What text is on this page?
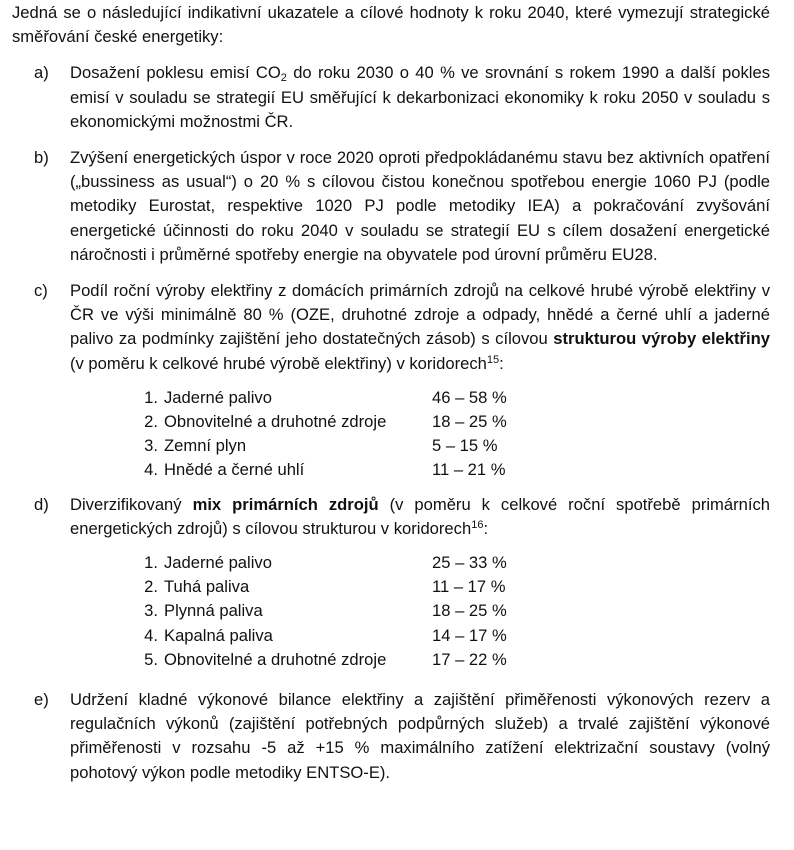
Jedná se o následující indikativní ukazatele a cílové hodnoty k roku 2040, které vymezují strategické směřování české energetiky:

a) Dosažení poklesu emisí $CO_2$ do roku 2030 o 40 % ve srovnání s rokem 1990 a další pokles emisí v souladu se strategií EU směřující k dekarbonizaci ekonomiky k roku 2050 v souladu s ekonomickými možnostmi ČR.

b) Zvýšení energetických úspor v roce 2020 oproti předpokládanému stavu bez aktivních opatření („bussiness as usual“) o 20 % s cílovou čistou konečnou spotřebou energie 1060 PJ (podle metodiky Eurostat, respektive 1020 PJ podle metodiky IEA) a pokračování zvyšování energetické účinnosti do roku 2040 v souladu se strategií EU s cílem dosažení energetické náročnosti i průměrné spotřeby energie na obyvatele pod úrovní průměru EU28.

c) Podíl roční výroby elektřiny z domácích primárních zdrojů na celkové hrubé výrobě elektřiny v ČR ve výši minimálně 80 % (OZE, druhotné zdroje a odpady, hnědé a černé uhlí a jaderné palivo za podmínky zajištění jeho dostatečných zásob) s cílovou strukturou výroby elektřiny (v poměru k celkové hrubé výrobě elektřiny) v koridorech$^{15}$:

1. Jaderné palivo	46 – 58 %
2. Obnovitelné a druhotné zdroje	18 – 25 %
3. Zemní plyn	5 – 15 %
4. Hnědé a černé uhlí	11 – 21 %
d) Diverzifikovaný mix primárních zdrojů (v poměru k celkové roční spotřebě primárních energetických zdrojů) s cílovou strukturou v koridorech$^{16}$:

1. Jaderné palivo	25 – 33 %
2. Tuhá paliva	11 – 17 %
3. Plynná paliva	18 – 25 %
4. Kapalná paliva	14 – 17 %
5. Obnovitelné a druhotné zdroje	17 – 22 %
e) Udržení kladné výkonové bilance elektřiny a zajištění přiměřenosti výkonových rezerv a regulačních výkonů (zajištění potřebných podpůrných služeb) a trvalé zajištění výkonové přiměřenosti v rozsahu -5 až +15 % maximálního zatížení elektrizační soustavy (volný pohotový výkon podle metodiky ENTSO-E).
